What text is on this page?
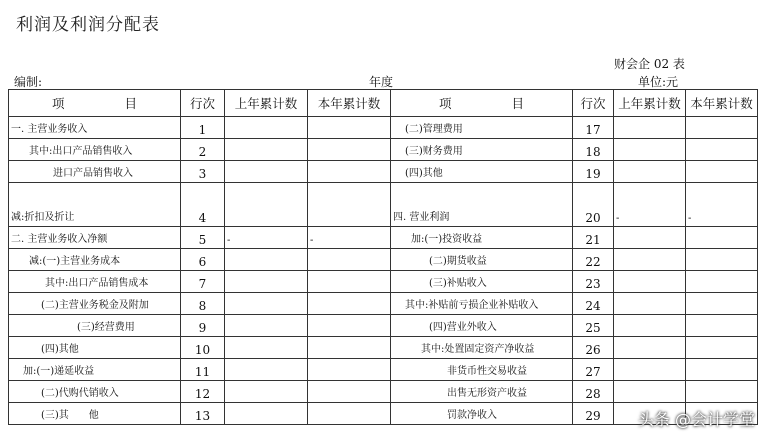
利润及利润分配表
财会企 02 表
编制:	年度	单位:元
项 目	行次	上年累计数	本年累计数	项 目	行次	上年累计数	本年累计数
一. 主营业务收入	1			(二)管理费用	17		
其中:出口产品销售收入	2			(三)财务费用	18		
进口产品销售收入	3			(四)其他	19		
减:折扣及折让	4			四. 营业利润	20	-	-
二. 主营业务收入净额	5	-	-	加:(一)投资收益	21		
减:(一)主营业务成本	6			(二)期货收益	22		
其中:出口产品销售成本	7			(三)补贴收入	23		
(二)主营业务税金及附加	8			其中:补贴前亏损企业补贴收入	24		
(三)经营费用	9			(四)营业外收入	25		
(四)其他	10			其中:处置固定资产净收益	26		
加:(一)递延收益	11			非货币性交易收益	27		
(二)代购代销收入	12			出售无形资产收益	28		
(三)其　　他	13			罚款净收入	29		头条 @会计学堂
